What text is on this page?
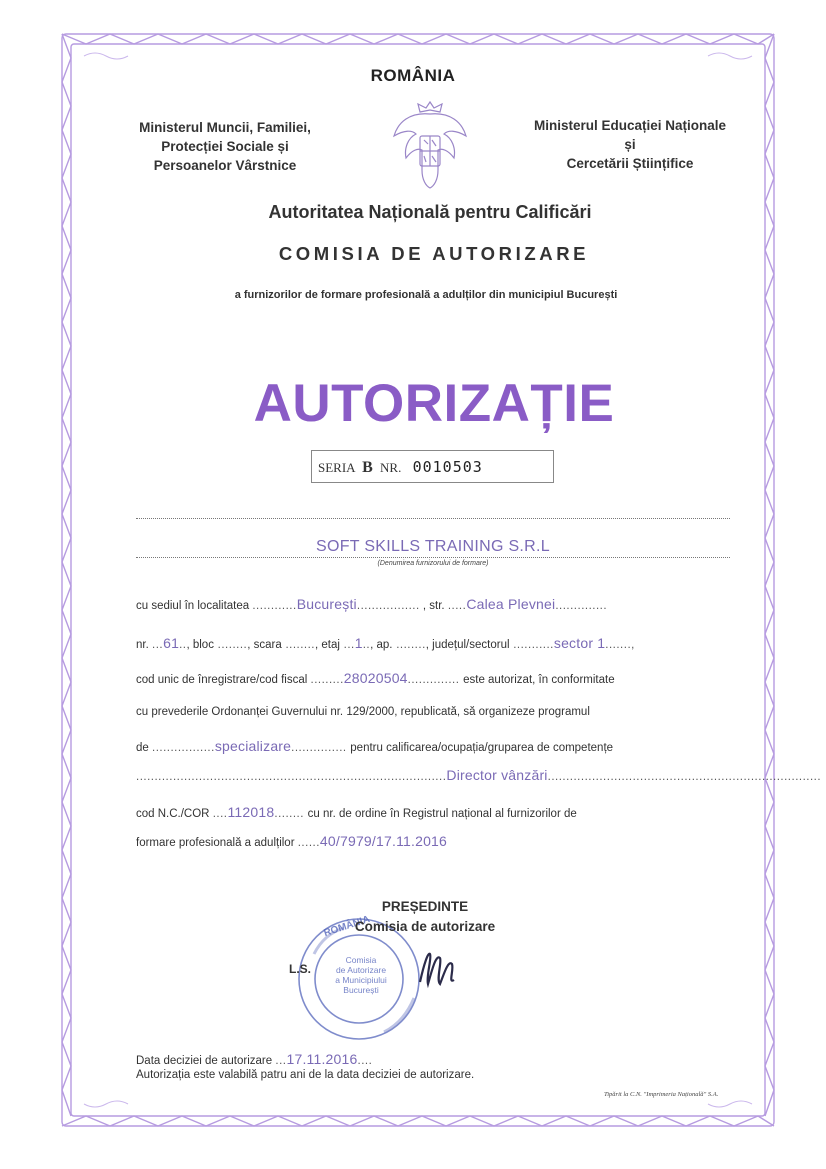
ROMÂNIA
Ministerul Muncii, Familiei,
Protecției Sociale și
Persoanelor Vârstnice
Ministerul Educației Naționale
și
Cercetării Științifice
Autoritatea Națională pentru Calificări
COMISIA DE AUTORIZARE
a furnizorilor de formare profesională a adulților din municipiul București
AUTORIZAȚIE
SERIA B NR. 0010503
SOFT SKILLS TRAINING S.R.L
(Denumirea furnizorului de formare)
cu sediul în localitatea ............București................. , str. .....Calea Plevnei..............
nr. ...61.., bloc ........, scara ........, etaj ...1.., ap. ........, județul/sectorul ...........sector 1.......,
cod unic de înregistrare/cod fiscal .........28020504.............. este autorizat, în conformitate
cu prevederile Ordonanței Guvernului nr. 129/2000, republicată, să organizeze programul
de .................specializare............... pentru calificarea/ocupația/gruparea de competențe
....................................................................................Director vânzări..........................................................................
cod N.C./COR ....112018........ cu nr. de ordine în Registrul național al furnizorilor de
formare profesională a adulților ......40/7979/17.11.2016
ROMÂNIA
Comisia
de Autorizare
a Municipiului
București
PREȘEDINTE
Comisia de autorizare
L.S.
Data deciziei de autorizare ...17.11.2016....
Autorizația este valabilă patru ani de la data deciziei de autorizare.
Tipărit la C.N. "Imprimeria Națională" S.A.
